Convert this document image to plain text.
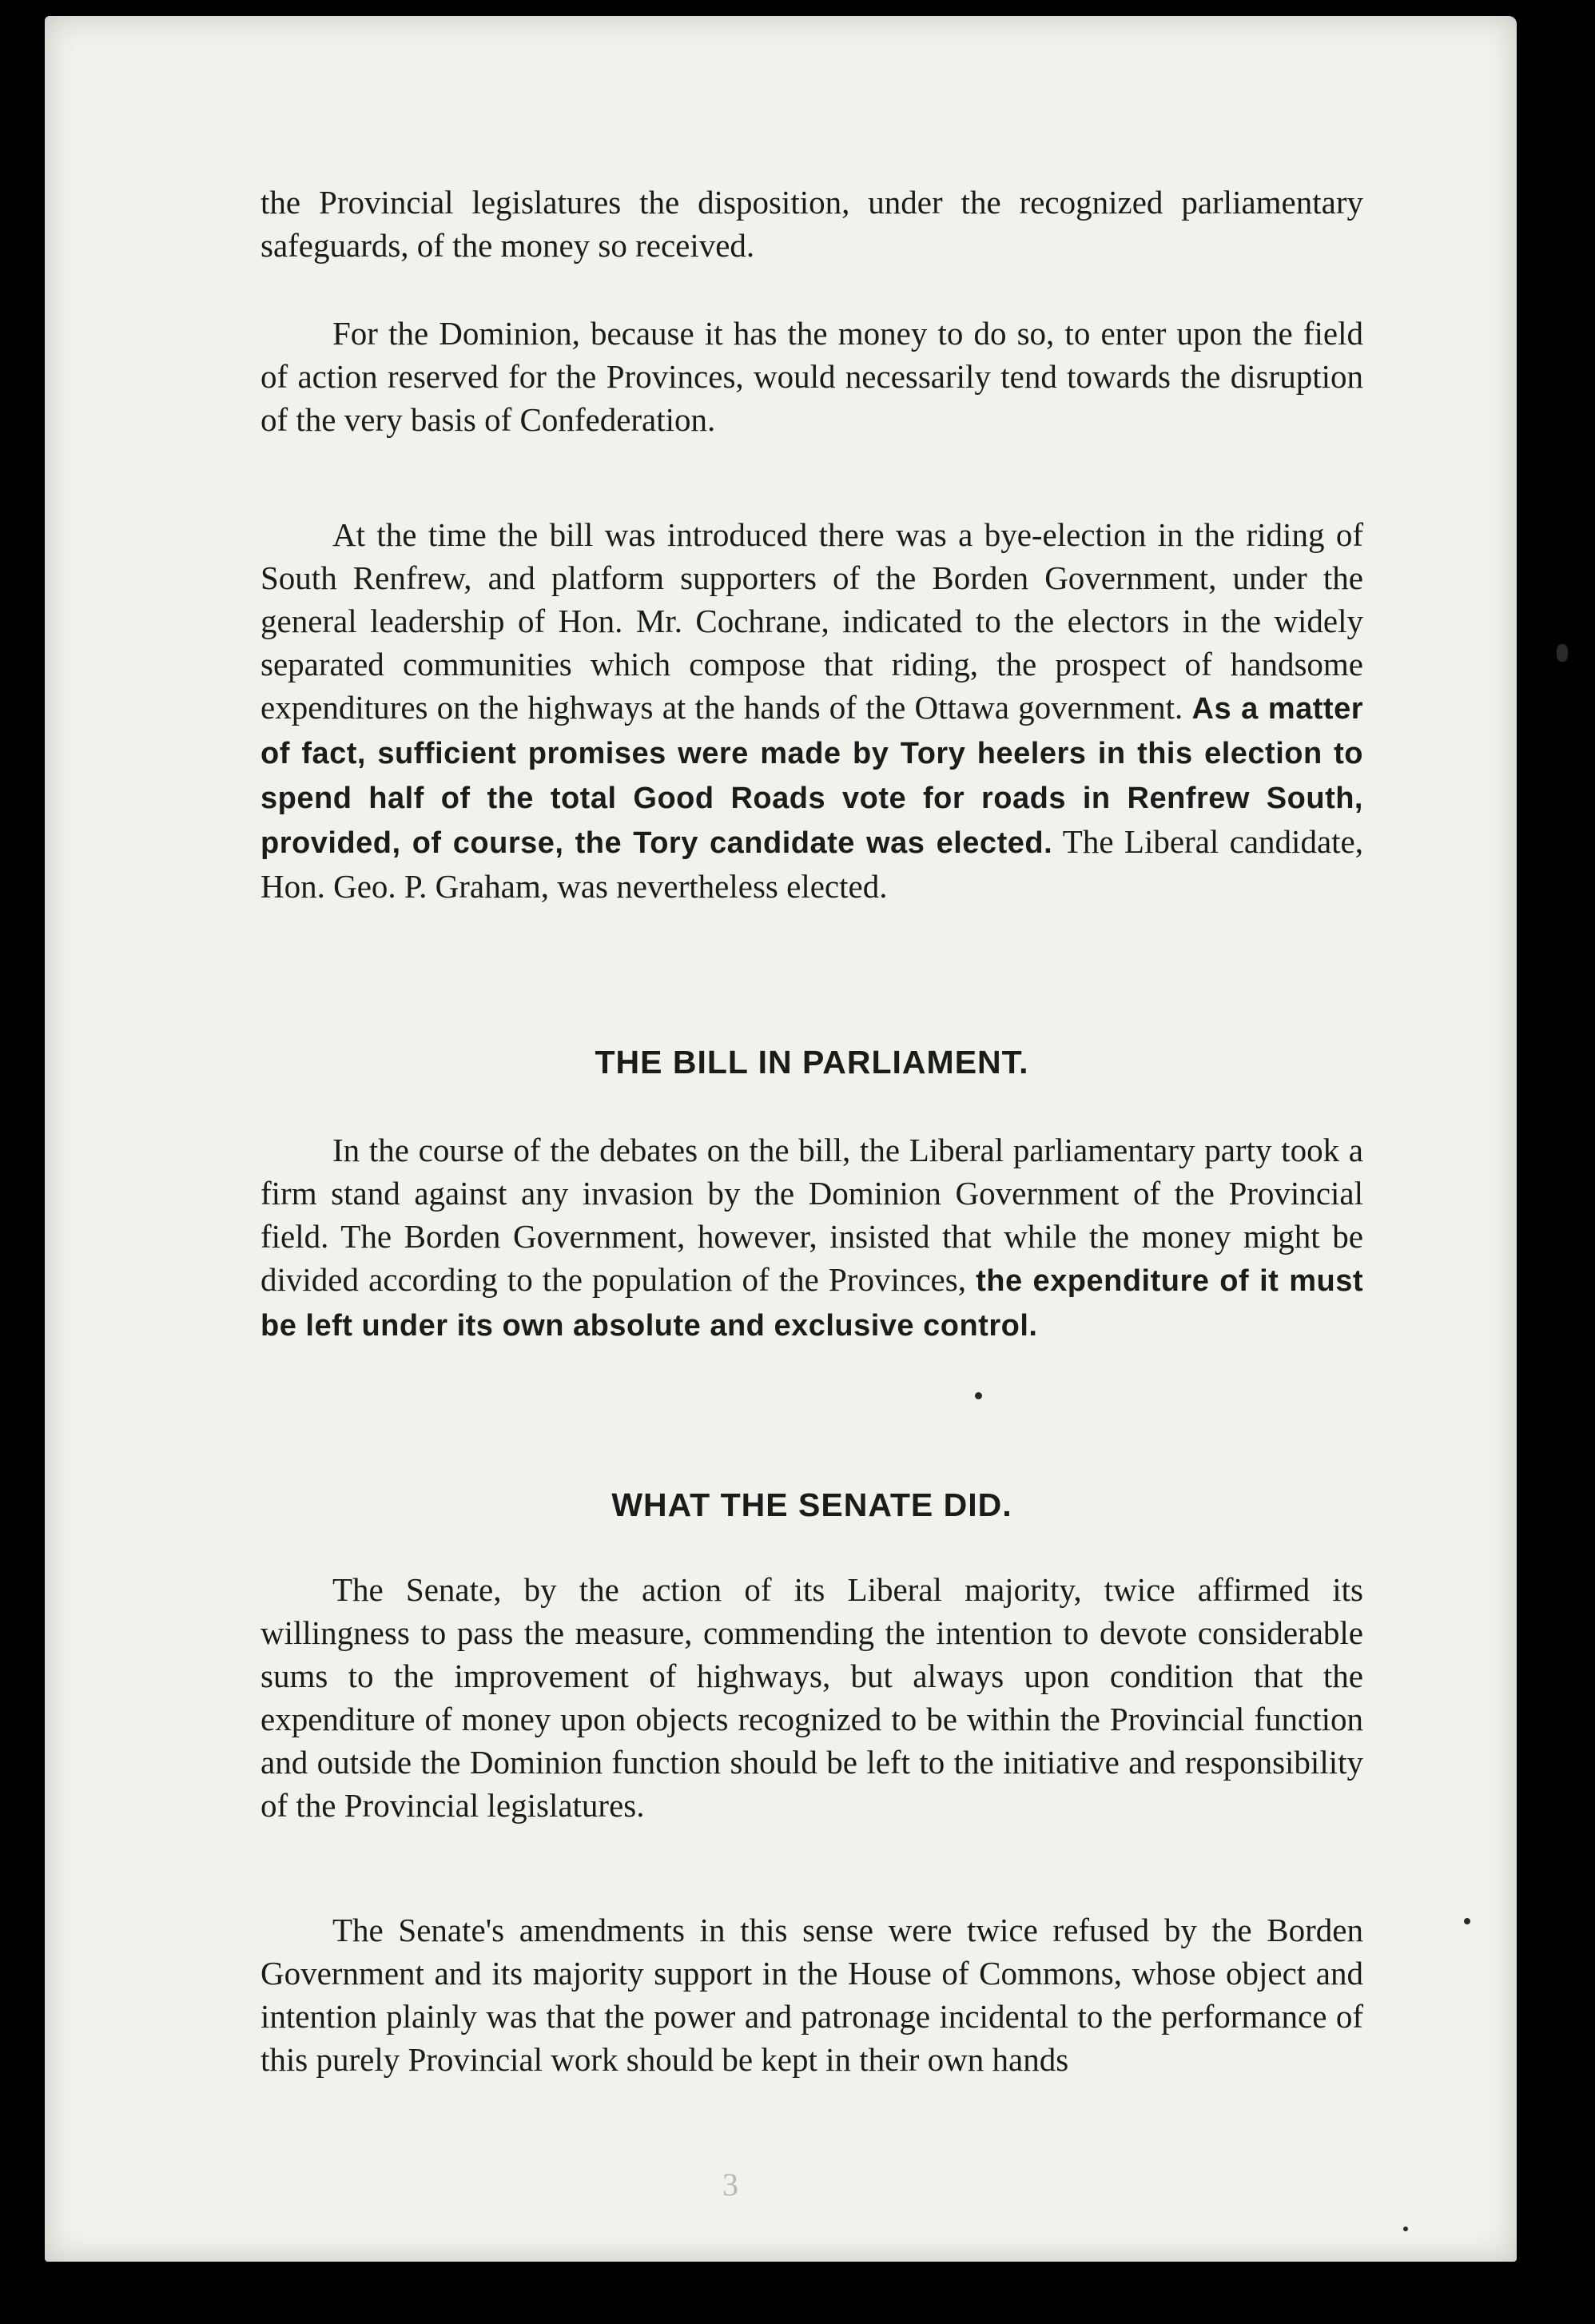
the Provincial legislatures the disposition, under the recognized parliamentary safeguards, of the money so received.

For the Dominion, because it has the money to do so, to enter upon the field of action reserved for the Provinces, would necessarily tend towards the disruption of the very basis of Confederation.

At the time the bill was introduced there was a bye-election in the riding of South Renfrew, and platform supporters of the Borden Government, under the general leadership of Hon. Mr. Cochrane, indicated to the electors in the widely separated communities which compose that riding, the prospect of handsome expenditures on the highways at the hands of the Ottawa government. As a matter of fact, sufficient promises were made by Tory heelers in this election to spend half of the total Good Roads vote for roads in Renfrew South, provided, of course, the Tory candidate was elected. The Liberal candidate, Hon. Geo. P. Graham, was nevertheless elected.

THE BILL IN PARLIAMENT.

In the course of the debates on the bill, the Liberal parliamentary party took a firm stand against any invasion by the Dominion Government of the Provincial field. The Borden Government, however, insisted that while the money might be divided according to the population of the Provinces, the expenditure of it must be left under its own absolute and exclusive control.

WHAT THE SENATE DID.

The Senate, by the action of its Liberal majority, twice affirmed its willingness to pass the measure, commending the intention to devote considerable sums to the improvement of highways, but always upon condition that the expenditure of money upon objects recognized to be within the Provincial function and outside the Dominion function should be left to the initiative and responsibility of the Provincial legislatures.

The Senate's amendments in this sense were twice refused by the Borden Government and its majority support in the House of Commons, whose object and intention plainly was that the power and patronage incidental to the performance of this purely Provincial work should be kept in their own hands

3
